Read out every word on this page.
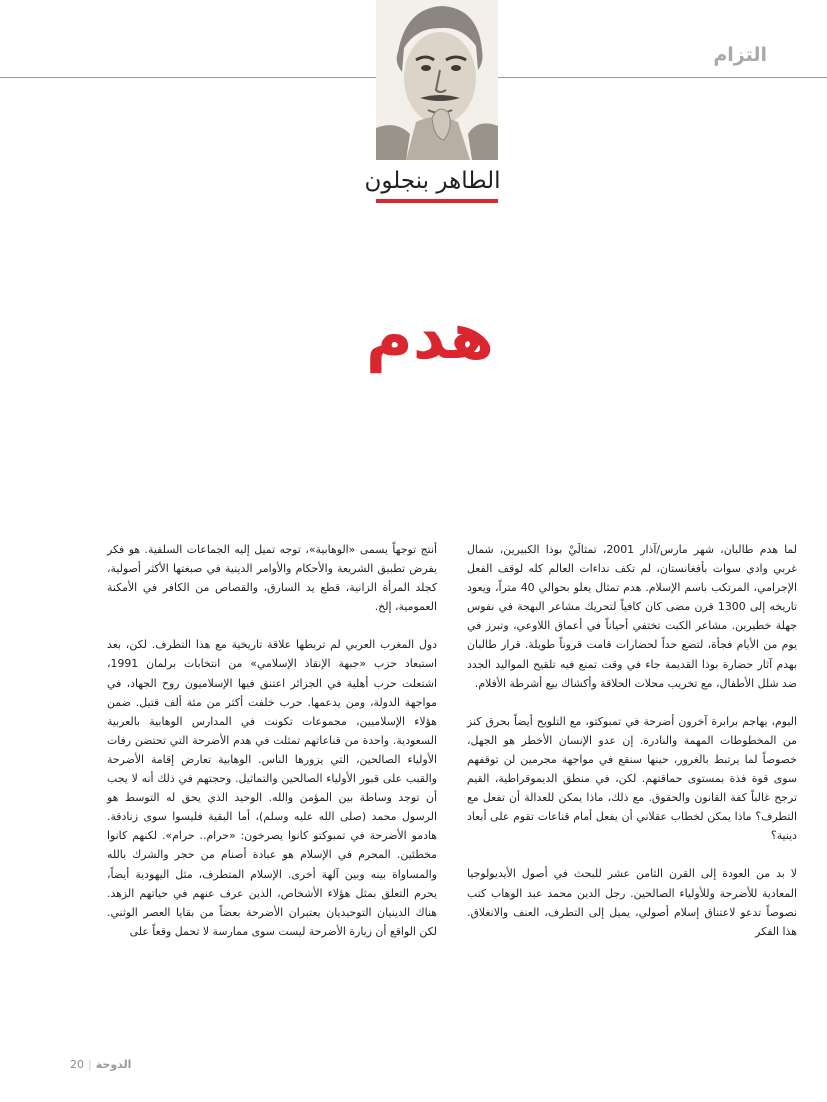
التزام
الطاهر بنجلون
هدم

لما هدم طالبان، شهر مارس/آذار 2001، تمثالَيْ بوذا الكبيرين، شمال غربي وادي سوات بأفغانستان، لم تكف نداءات العالم كله لوقف الفعل الإجرامي، المرتكب باسم الإسلام. هدم تمثال يعلو بحوالي 40 متراً، ويعود تاريخه إلى 1300 قرن مضى كان كافياً لتحريك مشاعر البهجة في نفوس جهلة خطيرين. مشاعر الكبت تختفي أحياناً في أعماق اللاوعي، وتبرز في يوم من الأيام فجأة، لتضع حداً لحضارات قامت قروناً طويلة. قرار طالبان بهدم آثار حضارة بوذا القديمة جاء في وقت تمنع فيه تلقيح المواليد الجدد ضد شلل الأطفال، مع تخريب محلات الحلاقة وأكشاك بيع أشرطة الأفلام.

اليوم، يهاجم برابرة آخرون أضرحة في تمبوكتو، مع التلويح أيضاً بحرق كنز من المخطوطات المهمة والنادرة. إن عدو الإنسان الأخطر هو الجهل، خصوصاً لما يرتبط بالغرور، حينها سنقع في مواجهة مجرمين لن توقفهم سوى قوة فذة بمستوى حماقتهم. لكن، في منطق الديموقراطية، القيم ترجح غالباً كفة القانون والحقوق. مع ذلك، ماذا يمكن للعدالة أن تفعل مع التطرف؟ ماذا يمكن لخطاب عقلاني أن يفعل أمام قناعات تقوم على أبعاد دينية؟

لا بد من العودة إلى القرن الثامن عشر للبحث في أصول الأيديولوجيا المعادية للأضرحة وللأولياء الصالحين. رجل الدين محمد عبد الوهاب كتب نصوصاً تدعو لاعتناق إسلام أصولي، يميل إلى التطرف، العنف والانغلاق. هذا الفكر

أنتج توجهاً يسمى «الوهابية»، توجه تميل إليه الجماعات السلفية. هو فكر يفرض تطبيق الشريعة والأحكام والأوامر الدينية في صبغتها الأكثر أصولية، كجلد المرأة الزانية، قطع يد السارق، والقصاص من الكافر في الأمكنة العمومية، إلخ.

دول المغرب العربي لم تربطها علاقة تاريخية مع هذا التطرف. لكن، بعد استبعاد حزب «جبهة الإنقاذ الإسلامي» من انتخابات برلمان 1991، اشتعلت حرب أهلية في الجزائر اعتنق فيها الإسلاميون روح الجهاد، في مواجهة الدولة، ومن يدعمها. حرب خلفت أكثر من مئة ألف قتيل. ضمن هؤلاء الإسلاميين، مجموعات تكونت في المدارس الوهابية بالعربية السعودية. واحدة من قناعاتهم تمثلت في هدم الأضرحة التي تحتضن رفات الأولياء الصالحين، التي يزورها الناس. الوهابية تعارض إقامة الأضرحة والقبب على قبور الأولياء الصالحين والتماثيل. وحجتهم في ذلك أنه لا يجب أن توجد وساطة بين المؤمن والله. الوحيد الذي يحق له التوسط هو الرسول محمد (صلى الله عليه وسلم)، أما البقية فليسوا سوى زنادقة. هادمو الأضرحة في تمبوكتو كانوا يصرخون: «حرام.. حرام». لكنهم كانوا مخطئين. المحرم في الإسلام هو عبادة أصنام من حجر والشرك بالله والمساواة بينه وبين آلهة أخرى. الإسلام المتطرف، مثل اليهودية أيضاً، يحرم التعلق بمثل هؤلاء الأشخاص، الذين عرف عنهم في حياتهم الزهد. هناك الدينيان التوحيديان يعتبران الأضرحة بعضاً من بقايا العصر الوثني. لكن الواقع أن زيارة الأضرحة ليست سوى ممارسة لا تحمل وقعاً على

20 | الدوحة
